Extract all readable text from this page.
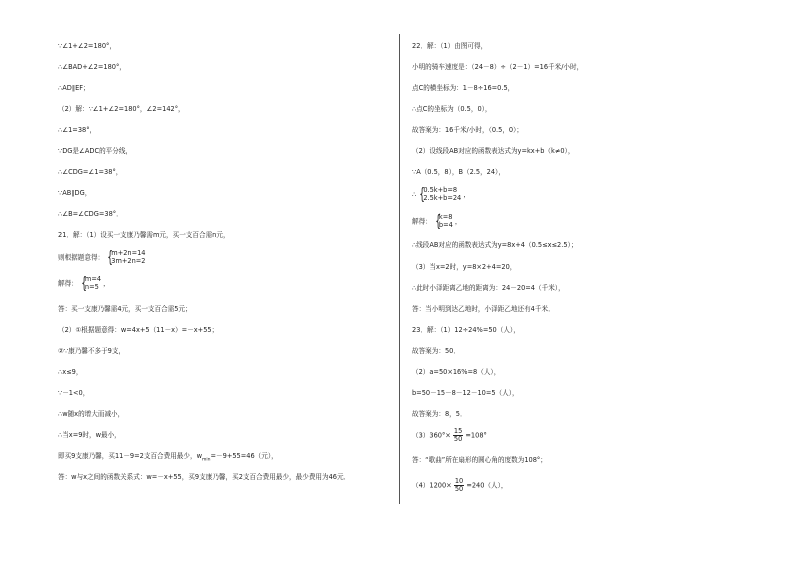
∵∠1+∠2=180°，
∴∠BAD+∠2=180°，
∴AD∥EF；
（2）解：∵∠1+∠2=180°，∠2=142°，
∴∠1=38°，
∵DG是∠ADC的平分线，
∴∠CDG=∠1=38°，
∵AB∥DG，
∴∠B=∠CDG=38°．
21．解：（1）设买一支康乃馨需m元，买一支百合需n元，
则根据题意得：
{ m+2n=14
3m+2n=2
解得：
{ m=4
n=5 ，
答：买一支康乃馨需4元，买一支百合需5元；
（2）①根据题意得：w=4x+5（11－x）=－x+55；
②∵康乃馨不多于9支，
∴x≤9，
∵－1<0，
∴w随x的增大而减小，
∴当x=9时，w最小，
即买9支康乃馨，买11－9=2支百合费用最少，$w_{min}=-9+55=46$（元），
答：w与x之间的函数关系式：w=－x+55，买9支康乃馨，买2支百合费用最少，最少费用为46元．
22．解：（1）由图可得，
小明的骑车速度是：（24－8）÷（2－1）=16千米/小时，
点C的横坐标为：1－8÷16=0.5，
∴点C的坐标为（0.5，0），
故答案为：16千米/小时，（0.5，0）；
（2）设线段AB对应的函数表达式为y=kx+b（k≠0），
∵A（0.5，8），B（2.5，24），
∴
{ 0.5k+b=8
2.5k+b=24 ，
解得：
{ k=8
b=4 ，
∴线段AB对应的函数表达式为y=8x+4（0.5≤x≤2.5）；
（3）当x=2时，y=8×2+4=20，
∴此时小泽距离乙地的距离为：24－20=4（千米），
答：当小明到达乙地时，小泽距乙地还有4千米．
23．解：（1）12÷24%=50（人），
故答案为：50．
（2）a=50×16%=8（人），
b=50－15－8－12－10=5（人），
故答案为：8，5．
$(3)360^\circ\times \frac{15}{50} =108^\circ$
答：“歌曲”所在扇形的圆心角的度数为108°；
$(4)1200\times \frac{10}{50} =240$（人），
